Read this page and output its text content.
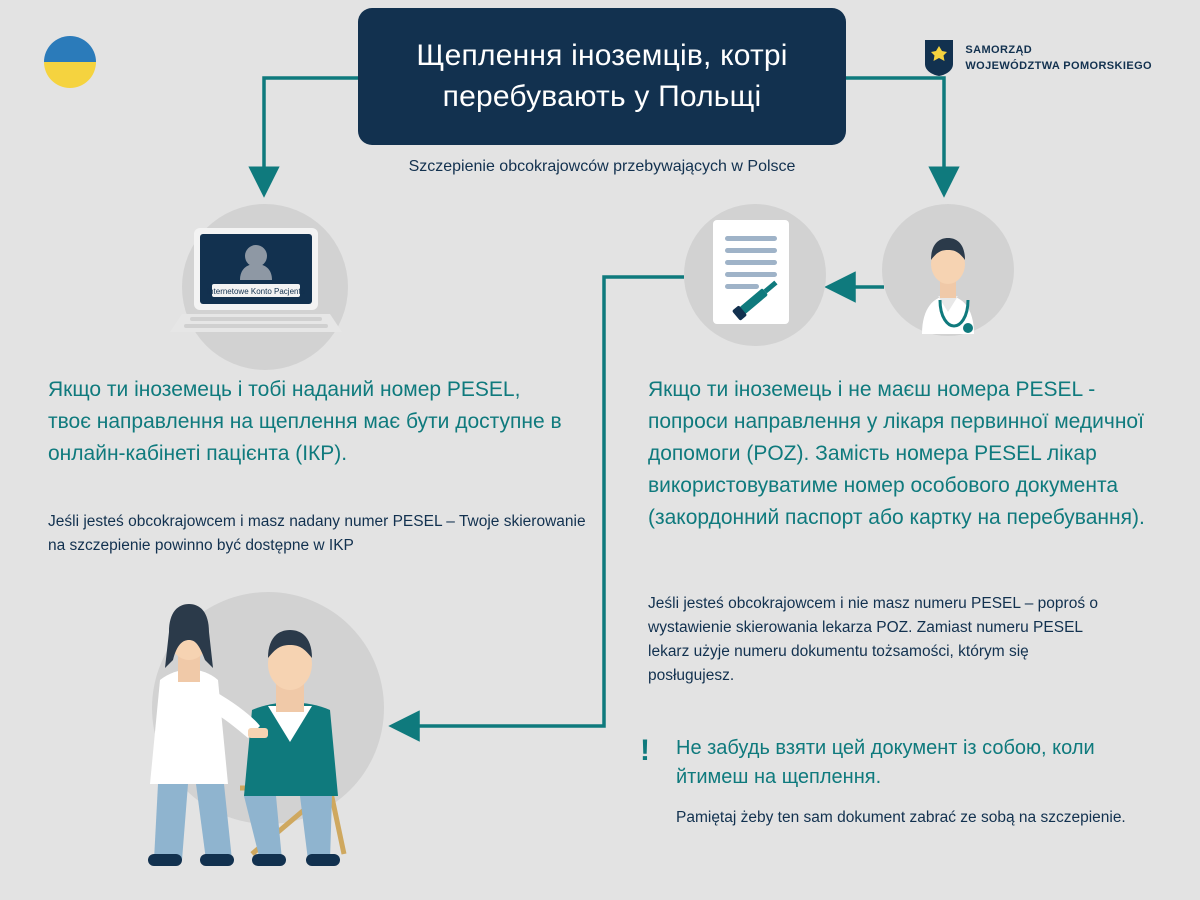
Щеплення іноземців, котрі перебувають у Польщі
Szczepienie obcokrajowców przebywających w Polsce
SAMORZĄD
WOJEWÓDZTWA POMORSKIEGO
Internetowe Konto Pacjenta
Якщо ти іноземець і тобі наданий номер PESEL, твоє направлення на щеплення має бути доступне в онлайн-кабінеті пацієнта (ІКР).
Jeśli jesteś obcokrajowcem i masz nadany numer PESEL – Twoje skierowanie na szczepienie powinno być dostępne w IKP
Якщо ти іноземець і не маєш номера PESEL - попроси направлення у лікаря первинної медичної допомоги (POZ). Замість номера PESEL лікар використовуватиме номер особового документа (закордонний паспорт або картку на перебування).
Jeśli jesteś obcokrajowcem i nie masz numeru PESEL – poproś o wystawienie skierowania lekarza POZ. Zamiast numeru PESEL lekarz użyje numeru dokumentu tożsamości, którym się posługujesz.
! Не забудь взяти цей документ із собою, коли йтимеш на щеплення.
Pamiętaj żeby ten sam dokument zabrać ze sobą na szczepienie.
